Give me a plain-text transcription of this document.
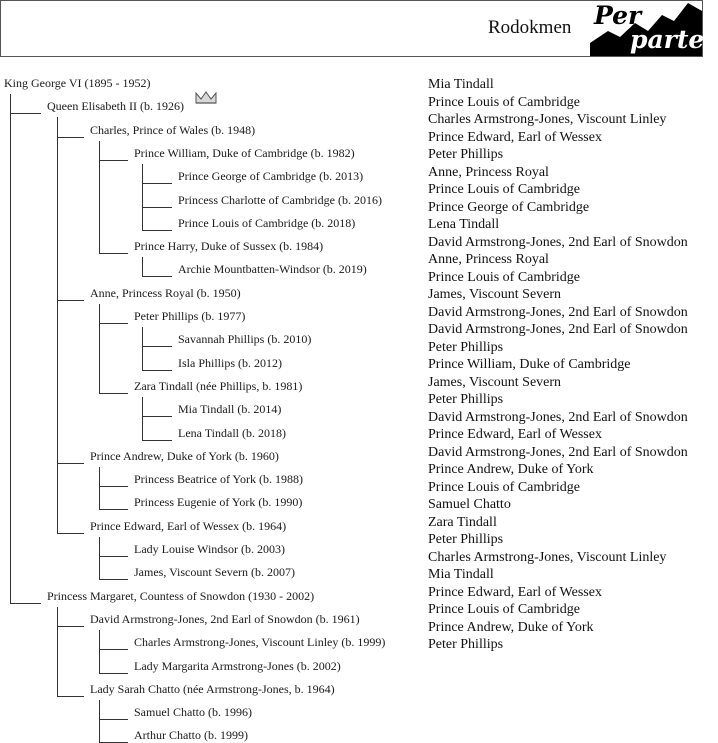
Rodokmen Per
partes
Mia Tindall
Prince Louis of Cambridge
Charles Armstrong-Jones, Viscount Linley
Prince Edward, Earl of Wessex
Peter Phillips
Anne, Princess Royal
Prince Louis of Cambridge
Prince George of Cambridge
Lena Tindall
David Armstrong-Jones, 2nd Earl of Snowdon
Anne, Princess Royal
Prince Louis of Cambridge
James, Viscount Severn
David Armstrong-Jones, 2nd Earl of Snowdon
David Armstrong-Jones, 2nd Earl of Snowdon
Peter Phillips
Prince William, Duke of Cambridge
James, Viscount Severn
Peter Phillips
David Armstrong-Jones, 2nd Earl of Snowdon
Prince Edward, Earl of Wessex
David Armstrong-Jones, 2nd Earl of Snowdon
Prince Andrew, Duke of York
Prince Louis of Cambridge
Samuel Chatto
Zara Tindall
Peter Phillips
Charles Armstrong-Jones, Viscount Linley
Mia Tindall
Prince Edward, Earl of Wessex
Prince Louis of Cambridge
Prince Andrew, Duke of York
Peter Phillips
King George VI (1895 - 1952)
Queen Elisabeth II (b. 1926)
Charles, Prince of Wales (b. 1948)
Prince William, Duke of Cambridge (b. 1982)
Prince George of Cambridge (b. 2013)
Princess Charlotte of Cambridge (b. 2016)
Prince Louis of Cambridge (b. 2018)
Prince Harry, Duke of Sussex (b. 1984)
Archie Mountbatten-Windsor (b. 2019)
Anne, Princess Royal (b. 1950)
Peter Phillips (b. 1977)
Savannah Phillips (b. 2010)
Isla Phillips (b. 2012)
Zara Tindall (née Phillips, b. 1981)
Mia Tindall (b. 2014)
Lena Tindall (b. 2018)
Prince Andrew, Duke of York (b. 1960)
Princess Beatrice of York (b. 1988)
Princess Eugenie of York (b. 1990)
Prince Edward, Earl of Wessex (b. 1964)
Lady Louise Windsor (b. 2003)
James, Viscount Severn (b. 2007)
Princess Margaret, Countess of Snowdon (1930 - 2002)
David Armstrong-Jones, 2nd Earl of Snowdon (b. 1961)
Charles Armstrong-Jones, Viscount Linley (b. 1999)
Lady Margarita Armstrong-Jones (b. 2002)
Lady Sarah Chatto (née Armstrong-Jones, b. 1964)
Samuel Chatto (b. 1996)
Arthur Chatto (b. 1999)
